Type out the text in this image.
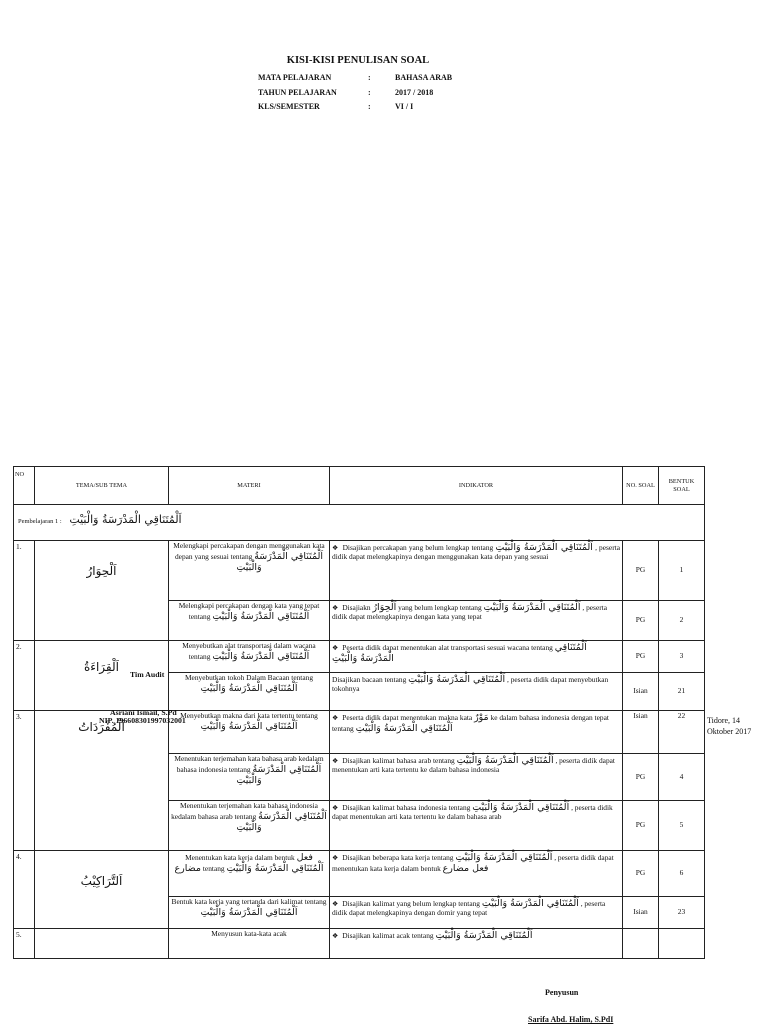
KISI-KISI PENULISAN SOAL
MATA PELAJARAN	:	BAHASA ARAB
TAHUN PELAJARAN	:	2017 / 2018
KLS/SEMESTER	:	VI / I
NO	TEMA/SUB TEMA	MATERI	INDIKATOR	NO. SOAL	BENTUK SOAL
Pembelajaran 1 : اَلْمُتَنَاقِي الْمَدْرَسَةُ وَالْبَيْتِ					
1.	اَلْحِوَارُ	Melengkapi percakapan dengan menggunakan kata depan yang sesuai tentang اَلْمُتَنَاقِي الْمَدْرَسَةُ وَالْبَيْتِ	❖ Disajikan percakapan yang belum lengkap tentang اَلْمُتَنَاقِي الْمَدْرَسَةُ وَالْبَيْتِ , peserta didik dapat melengkapinya dengan menggunakan kata depan yang sesuai	PG	1
		Melengkapi percakapan dengan kata yang tepat tentang اَلْمُتَنَاقِي الْمَدْرَسَةُ وَالْبَيْتِ	❖ Disajiakn اَلْحِوَارُ yang belum lengkap tentang اَلْمُتَنَاقِي الْمَدْرَسَةُ وَالْبَيْتِ , peserta didik dapat melengkapinya dengan kata yang tepat	PG	2
2.	اَلْقِرَاءَةُ	Menyebutkan alat transportasi dalam wacana tentang اَلْمُتَنَاقِي الْمَدْرَسَةُ وَالْبَيْتِ	❖ Peserta didik dapat menentukan alat transportasi sesuai wacana tentang اَلْمُتَنَاقِي الْمَدْرَسَةُ وَالْبَيْتِ	PG	3
		Menyebutkan tokoh Dalam Bacaan tentang اَلْمُتَنَاقِي الْمَدْرَسَةُ وَالْبَيْتِ	Disajikan bacaan tentang اَلْمُتَنَاقِي الْمَدْرَسَةُ وَالْبَيْتِ , peserta didik dapat menyebutkan tokohnya	Isian	21
3.	اَلْمُفْرَدَاتُ	Menyebutkan makna dari kata tertentu tentang اَلْمُتَنَاقِي الْمَدْرَسَةُ وَالْبَيْتِ	❖ Peserta didik dapat menentukan makna kata مَوْرٌ ke dalam bahasa indonesia dengan tepat tentang اَلْمُتَنَاقِي الْمَدْرَسَةُ وَالْبَيْتِ	Isian	22
		Menentukan terjemahan kata bahasa arab kedalam bahasa indonesia tentang اَلْمُتَنَاقِي الْمَدْرَسَةُ وَالْبَيْتِ	❖ Disajikan kalimat bahasa arab tentang اَلْمُتَنَاقِي الْمَدْرَسَةُ وَالْبَيْتِ , peserta didik dapat menentukan arti kata tertentu ke dalam bahasa indonesia	PG	4
		Menentukan terjemahan kata bahasa indonesia kedalam bahasa arab tentang اَلْمُتَنَاقِي الْمَدْرَسَةُ وَالْبَيْتِ	❖ Disajikan kalimat bahasa indonesia tentang اَلْمُتَنَاقِي الْمَدْرَسَةُ وَالْبَيْتِ , peserta didik dapat menentukan arti kata tertentu ke dalam bahasa arab	PG	5
4.	اَلتَّرَاكِيْبُ	Menentukan kata kerja dalam bentuk فعل مضارع tentang اَلْمُتَنَاقِي الْمَدْرَسَةُ وَالْبَيْتِ	❖ Disajikan beberapa kata kerja tentang اَلْمُتَنَاقِي الْمَدْرَسَةُ وَالْبَيْتِ , peserta didik dapat menentukan kata kerja dalam bentuk فعل مضارع	PG	6
		Bentuk kata kerja yang tertanda dari kalimat tentang اَلْمُتَنَاقِي الْمَدْرَسَةُ وَالْبَيْتِ	❖ Disajikan kalimat yang belum lengkap tentang اَلْمُتَنَاقِي الْمَدْرَسَةُ وَالْبَيْتِ , peserta didik dapat melengkapinya dengan domir yang tepat	Isian	23
5.		Menyusun kata-kata acak	❖ Disajikan kalimat acak tentang اَلْمُتَنَاقِي الْمَدْرَسَةُ وَالْبَيْتِ		
Tim Audit
Asriani Ismail, S.Pd
NIP. 196608301997032001	Tidore, 14 Oktober 2017
Penyusun
Sarifa Abd. Halim, S.PdI
